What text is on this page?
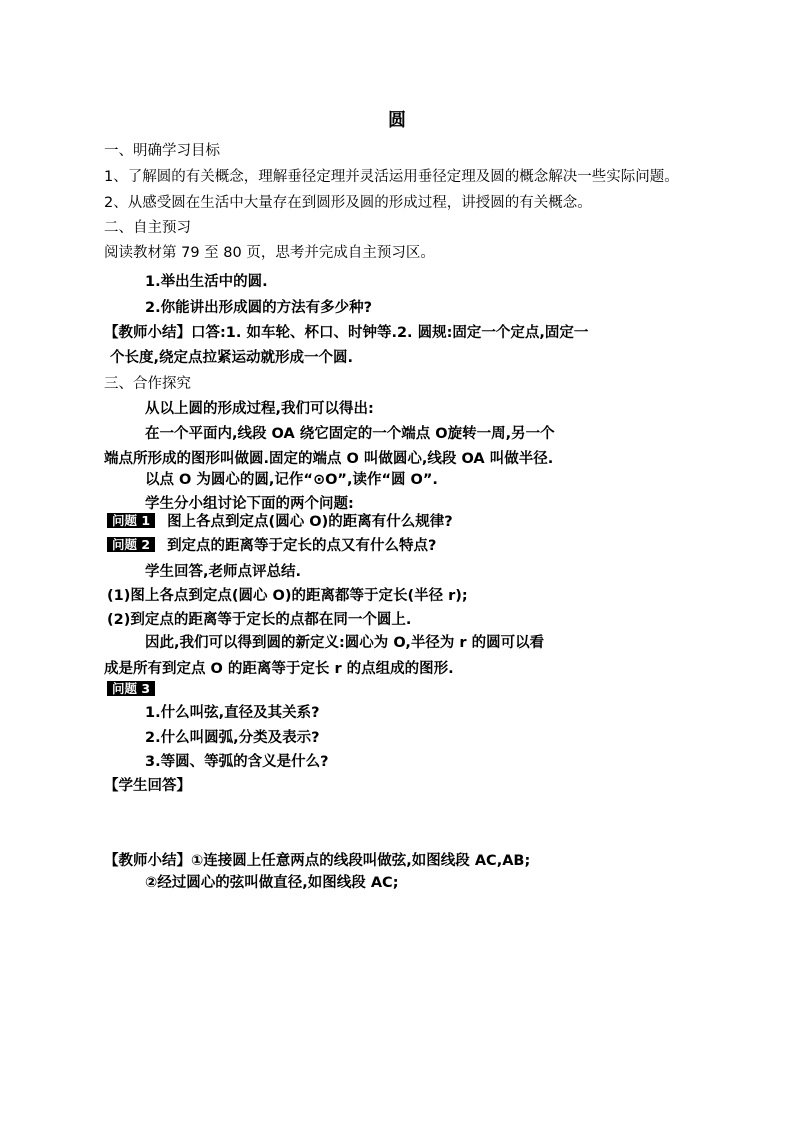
圆
一、明确学习目标
1、了解圆的有关概念，理解垂径定理并灵活运用垂径定理及圆的概念解决一些实际问题。
2、从感受圆在生活中大量存在到圆形及圆的形成过程，讲授圆的有关概念。
二、自主预习
阅读教材第 79 至 80 页，思考并完成自主预习区。
1.举出生活中的圆.
2.你能讲出形成圆的方法有多少种?
【教师小结】口答:1. 如车轮、杯口、时钟等.2. 圆规:固定一个定点,固定一
个长度,绕定点拉紧运动就形成一个圆.
三、合作探究
从以上圆的形成过程,我们可以得出:
在一个平面内,线段 OA 绕它固定的一个端点 O旋转一周,另一个
端点所形成的图形叫做圆.固定的端点 O 叫做圆心,线段 OA 叫做半径.
以点 O 为圆心的圆,记作“⊙O”,读作“圆 O”.
学生分小组讨论下面的两个问题:
问题 1 图上各点到定点(圆心 O)的距离有什么规律?
问题 2 到定点的距离等于定长的点又有什么特点?
学生回答,老师点评总结.
(1)图上各点到定点(圆心 O)的距离都等于定长(半径 r);
(2)到定点的距离等于定长的点都在同一个圆上.
因此,我们可以得到圆的新定义:圆心为 O,半径为 r 的圆可以看
成是所有到定点 O 的距离等于定长 r 的点组成的图形.
问题 3
1.什么叫弦,直径及其关系?
2.什么叫圆弧,分类及表示?
3.等圆、等弧的含义是什么?
【学生回答】
【教师小结】①连接圆上任意两点的线段叫做弦,如图线段 AC,AB;
②经过圆心的弦叫做直径,如图线段 AC;
